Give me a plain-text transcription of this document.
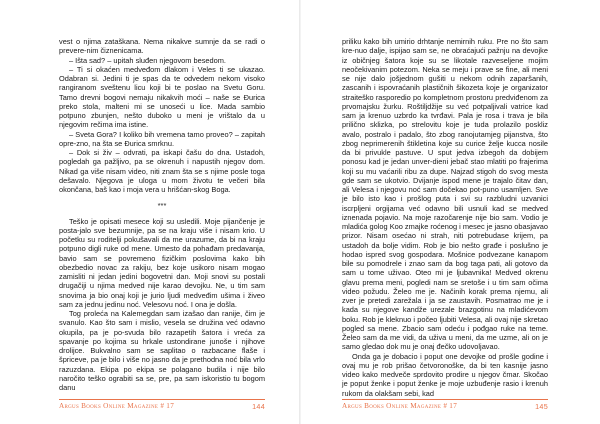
vest o njima zataškana. Nema nikakve sumnje da se radi o prevere-nim čiznenicama.

– Išta sad? – upitah sluđen njegovom besedom.

– Ti si okaćen medveđom dlakom i Veles ti se ukazao. Odabran si. Jedini ti je spas da te odvedem nekom visoko rangiranom sveštenu licu koji bi te poslao na Svetu Goru. Tamo drevni bogovi nemaju nikakvih moći – naše se Đurica preko stola, malteni mi se unoseći u lice. Mada sambio potpuno zbunjen, nešto duboko u meni je vrištalo da u njegovim rečima ima istine.

– Sveta Gora? I koliko bih vremena tamo proveo? – zapitah opre-zno, na šta se Đurica smrknu.

– Dok si živ – odvrati, pa iskapi čašu do dna. Ustadoh, pogledah ga pažljivo, pa se okrenuh i napustih njegov dom. Nikad ga više nisam video, niti znam šta se s njime posle toga dešavalo. Njegova je uloga u mom životu te večeri bila okončana, baš kao i moja vera u hrišćan-skog Boga.

***

Teško je opisati mesece koji su usledili. Moje pijančenje je posta-jalo sve bezumnije, pa se na kraju više i nisam krio. U početku su roditelji pokušavali da me urazume, da bi na kraju potpuno digli ruke od mene. Umesto da pohađam predavanja, bavio sam se povremeno fizičkim poslovima kako bih obezbedio novac za rakiju, bez koje usikoro nisam mogao zamisliti ni jedan jedini bogovetni dan. Moji snovi su postali drugačiji u njima medved nije karao devojku. Ne, u tim sam snovima ja bio onaj koji je jurio ljudi medveđim ušima i živeo sam za jednu jedinu noć. Velesovu noć. I ona je došla.

Tog proleća na Kalemegdan sam izašao dan ranije, čim je svanulo. Kao što sam i mislio, vesela se družina već odavno okupila, pa je po-svuda bilo razapetih šatora i vreća za spavanje po kojima su hrkale ustondirane junoše i njihove drolijce. Bukvalno sam se saplitao o razbacane flaše i špriceve, pa je bilo i više no jasno da je prethodna noć bila vrlo razuzdana. Ekipa po ekipa se polagano budila i nije bilo naročito teško ograbiti sa se, pre, pa sam iskoristio tu bogom danu

Argus Books Online Magazine # 17	144

priliku kako bih umirio drhtanje nemirnih ruku. Pre no što sam kre-nuo dalje, ispijao sam se, ne obraćajući pažnju na devojke iz običnjeg šatora koje su se likotale razveseljene mojim neočekivanim potezom. Neka se meju i prave se fine, ali meni se nije dalo jošjednom gušiti u nekom odnih zaparšanih, zascanih i ispovraćanih plastičnih šikozeta koje je organizator straiteško rasporedio po kompletnom prostoru predviđenom za prvomajsku žurku. Roštiljdžije su već potpaljivali vatrice kad sam ja krenuo uzbrdo ka tvrđavi. Pala je rosa i trava je bila prilično sklizka, po strelovitu koje je tuda prolazilo poskliz avalo, postralo i padalo, što zbog ranojutamjeg pijanstva, što zbog neprimerenih štikletina koje su curice želje kucca nosile da bi privukle pastuve. U sput jedva izbegoh da dobijem ponosu kad je jedan unver-dieni jebač stao mlatiti po frajerima koji su mu vaćarili ribu za dupe. Najzad stigoh do svog mesta gde sam se ukotvio. Dvijanje ispod mene je trajalo čitav dan, ali Velesa i njegovu noć sam dočekao pot-puno usamljen. Sve je bilo isto kao i prošlog puta i svi su razbludni uzvanici iscrpljeni orgijama već odavno bili usnuli kad se medved iznenada pojavio. Na moje razočarenje nije bio sam. Vodio je mladića golog Koo zmajke roćenog i mesec je jasno obasjavao prizor. Nisam osećao ni strah, niti potrebudase krijem, pa ustadoh da bolje vidim. Rob je bio nešto građe i poslušno je hodao ispred svog gospodara. Mošnice podvezane kanapom bile su pomodrele i znao sam da bog taga pati, ali gotovo da sam u tome uživao. Oteo mi je ljubavnika! Medved okrenu glavu prema meni, pogledi nam se sretoše i u tim sam očima video požudu. Želeo me je. Načinih korak prema njemu, ali zver je pretedi zarežala i ja se zaustavih. Posmatrao me je i kada su njegove kandže urezale brazgotinu na mladićevom boku. Rob je kleknuo i počeo ljubiti Velesa, ali ovaj nije skretao pogled sa mene. Zbacio sam odeću i pođgao ruke na teme. Želeo sam da me vidi, da uživa u meni, da me uzme, ali on je samo gledao dok mu je onaj đečko udovoljavao.

Onda ga je dobacio i poput one devojke od prošle godine i ovaj mu je rob prišao četvoronoške, da bi ten kasnije jasno video kako medveče sprdovito prodire u njegov čmar. Skočao je poput ženke i poput ženke je moje uzbuđenje rasio i krenuh rukom da olakšam sebi, kad

Argus Books Online Magazine # 17	145
